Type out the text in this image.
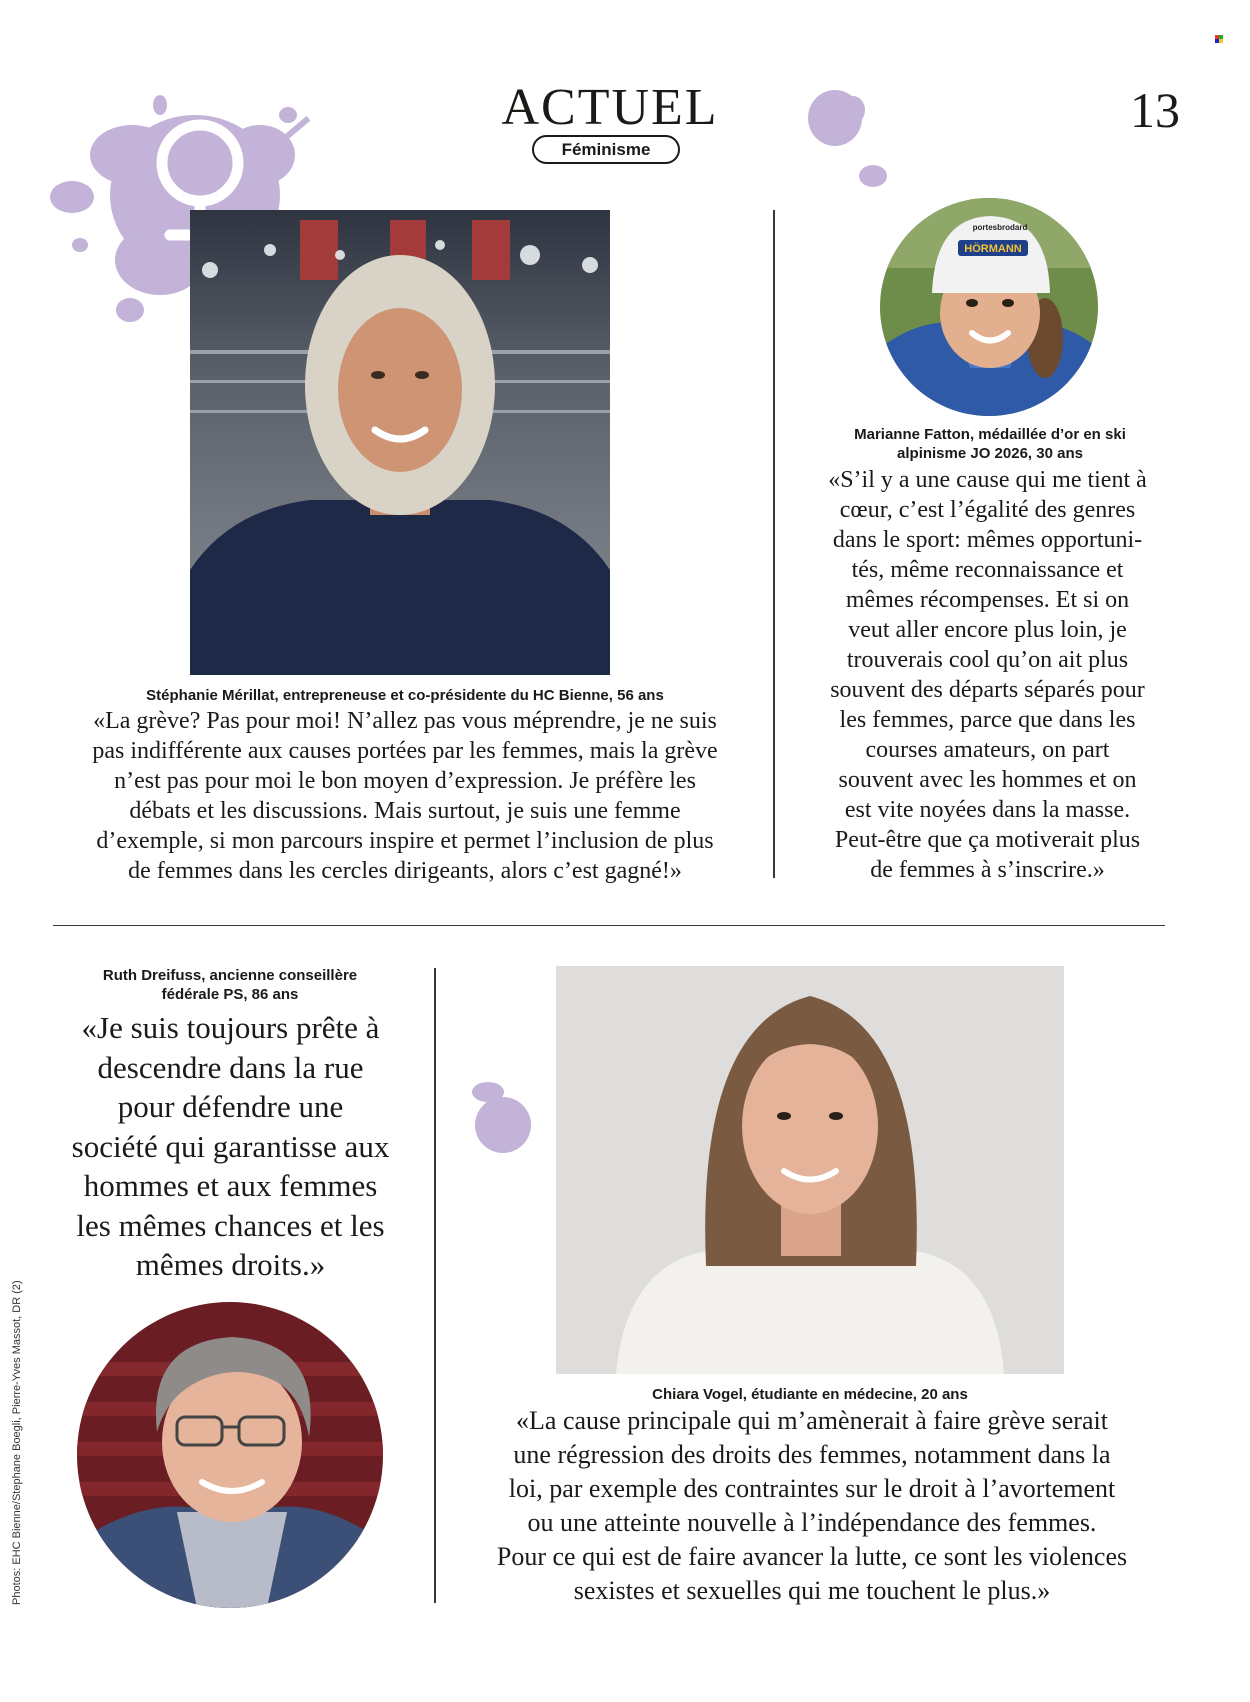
ACTUEL
Féminisme
13
Stéphanie Mérillat, entrepreneuse et co-présidente du HC Bienne, 56 ans
«La grève? Pas pour moi! N’allez pas vous méprendre, je ne suis
pas indifférente aux causes portées par les femmes, mais la grève
n’est pas pour moi le bon moyen d’expression. Je préfère les
débats et les discussions. Mais surtout, je suis une femme
d’exemple, si mon parcours inspire et permet l’inclusion de plus
de femmes dans les cercles dirigeants, alors c’est gagné!»
HÖRMANN
portesbrodard
Marianne Fatton, médaillée d’or en ski
alpinisme JO 2026, 30 ans
«S’il y a une cause qui me tient à
cœur, c’est l’égalité des genres
dans le sport: mêmes opportuni-
tés, même reconnaissance et
mêmes récompenses. Et si on
veut aller encore plus loin, je
trouverais cool qu’on ait plus
souvent des départs séparés pour
les femmes, parce que dans les
courses amateurs, on part
souvent avec les hommes et on
est vite noyées dans la masse.
Peut-être que ça motiverait plus
de femmes à s’inscrire.»
Ruth Dreifuss, ancienne conseillère
fédérale PS, 86 ans
«Je suis toujours prête à
descendre dans la rue
pour défendre une
société qui garantisse aux
hommes et aux femmes
les mêmes chances et les
mêmes droits.»
Chiara Vogel, étudiante en médecine, 20 ans
«La cause principale qui m’amènerait à faire grève serait
une régression des droits des femmes, notamment dans la
loi, par exemple des contraintes sur le droit à l’avortement
ou une atteinte nouvelle à l’indépendance des femmes.
Pour ce qui est de faire avancer la lutte, ce sont les violences
sexistes et sexuelles qui me touchent le plus.»
Photos: EHC Bienne/Stephane Boegli, Pierre-Yves Massot, DR (2)
